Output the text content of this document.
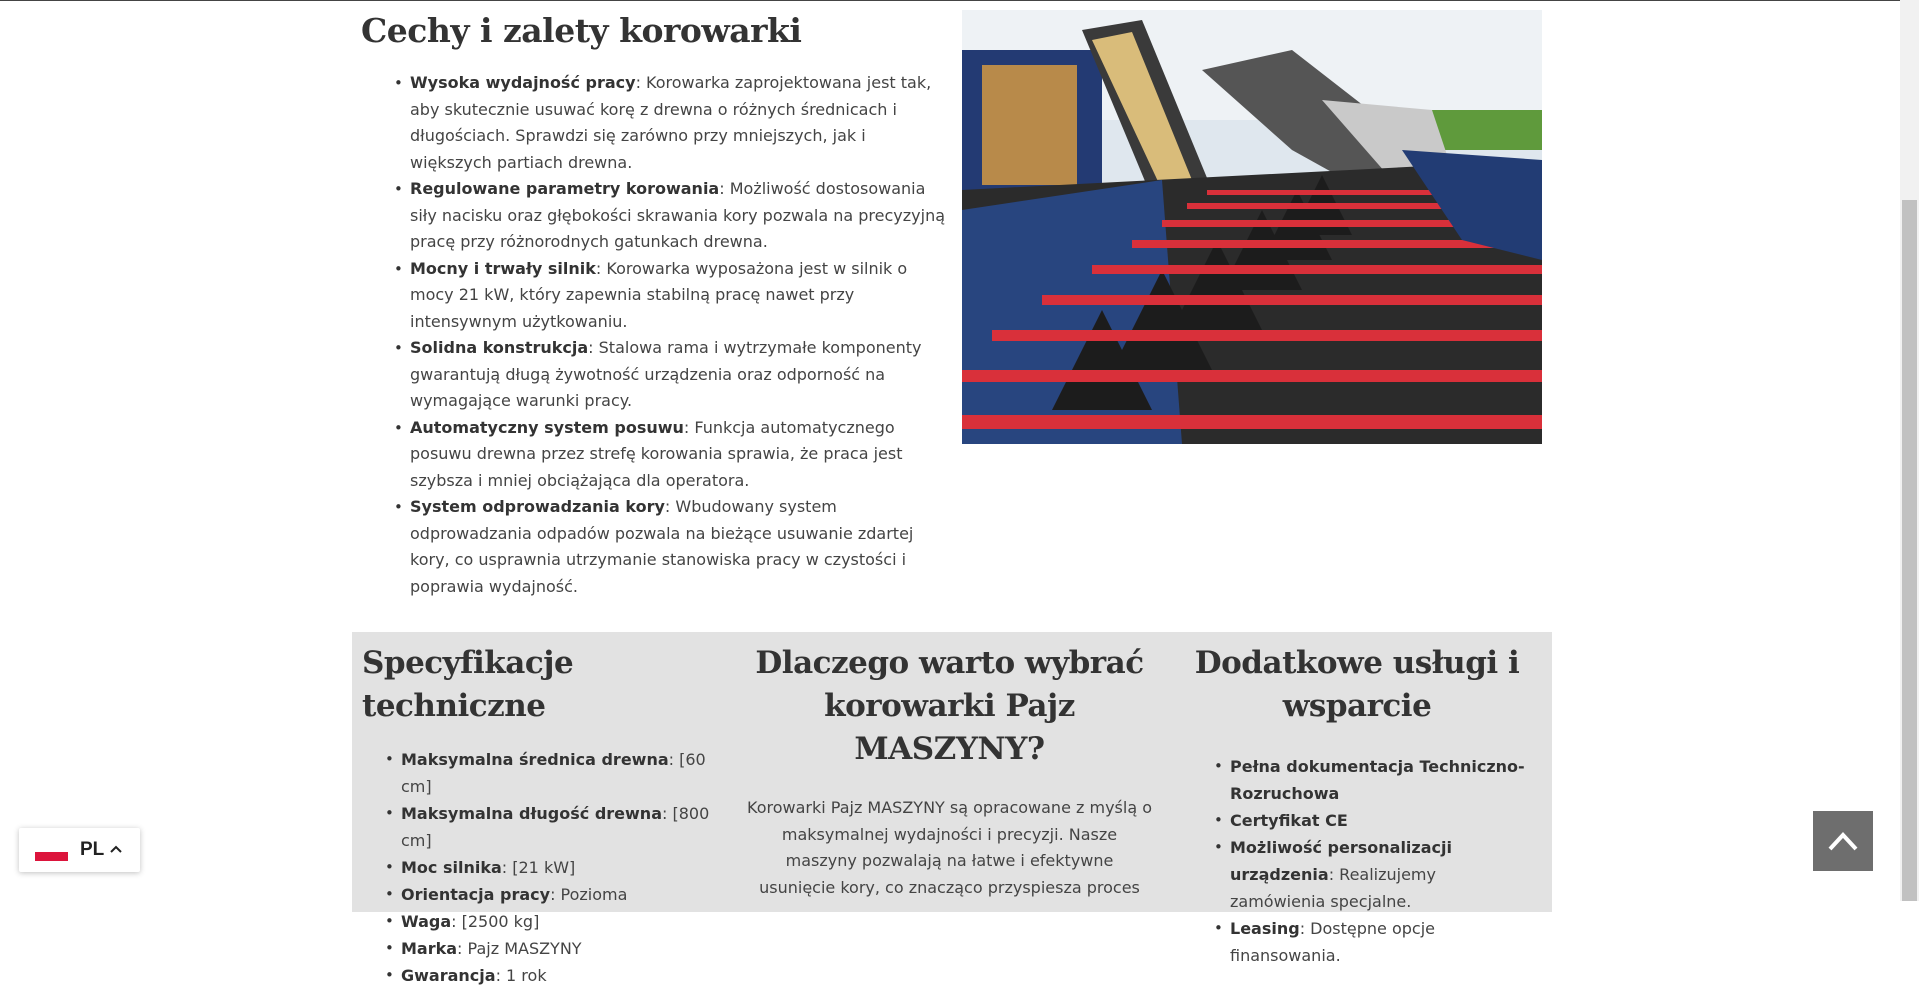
Cechy i zalety korowarki
• Wysoka wydajność pracy: Korowarka zaprojektowana jest tak, aby skutecznie usuwać korę z drewna o różnych średnicach i długościach. Sprawdzi się zarówno przy mniejszych, jak i większych partiach drewna.
• Regulowane parametry korowania: Możliwość dostosowania siły nacisku oraz głębokości skrawania kory pozwala na precyzyjną pracę przy różnorodnych gatunkach drewna.
• Mocny i trwały silnik: Korowarka wyposażona jest w silnik o mocy 21 kW, który zapewnia stabilną pracę nawet przy intensywnym użytkowaniu.
• Solidna konstrukcja: Stalowa rama i wytrzymałe komponenty gwarantują długą żywotność urządzenia oraz odporność na wymagające warunki pracy.
• Automatyczny system posuwu: Funkcja automatycznego posuwu drewna przez strefę korowania sprawia, że praca jest szybsza i mniej obciążająca dla operatora.
• System odprowadzania kory: Wbudowany system odprowadzania odpadów pozwala na bieżące usuwanie zdartej kory, co usprawnia utrzymanie stanowiska pracy w czystości i poprawia wydajność.
Specyfikacje techniczne
• Maksymalna średnica drewna: [60 cm]
• Maksymalna długość drewna: [800 cm]
• Moc silnika: [21 kW]
• Orientacja pracy: Pozioma
• Waga: [2500 kg]
• Marka: Pajz MASZYNY
• Gwarancja: 1 rok
Dlaczego warto wybrać korowarki Pajz MASZYNY?

Korowarki Pajz MASZYNY są opracowane z myślą o maksymalnej wydajności i precyzji. Nasze maszyny pozwalają na łatwe i efektywne usunięcie kory, co znacząco przyspiesza proces

Dodatkowe usługi i wsparcie
• Pełna dokumentacja Techniczno-Rozruchowa
• Certyfikat CE
• Możliwość personalizacji urządzenia: Realizujemy zamówienia specjalne.
• Leasing: Dostępne opcje finansowania.
PL
